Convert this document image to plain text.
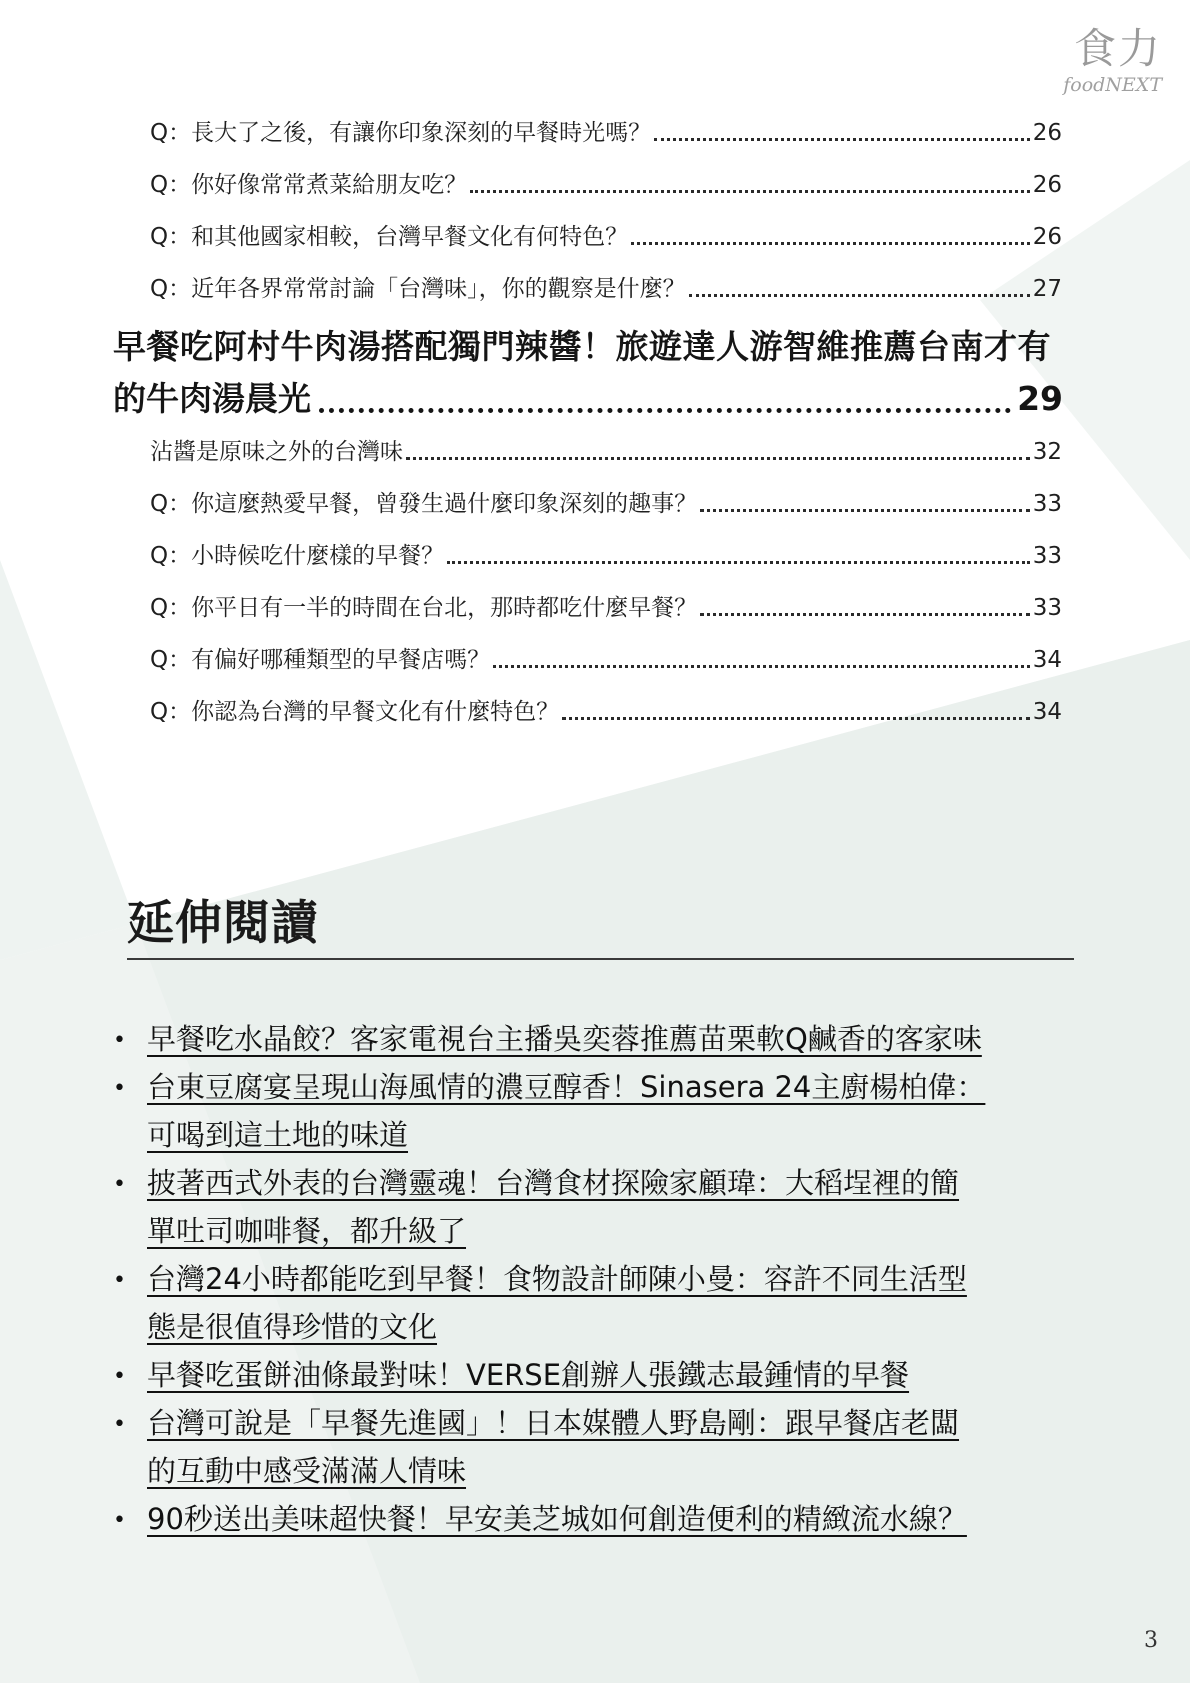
食力
foodNEXT
Q：長大了之後，有讓你印象深刻的早餐時光嗎？	26
Q：你好像常常煮菜給朋友吃？	26
Q：和其他國家相較，台灣早餐文化有何特色？	26
Q：近年各界常常討論「台灣味」，你的觀察是什麼？	27
早餐吃阿村牛肉湯搭配獨門辣醬！旅遊達人游智維推薦台南才有
的牛肉湯晨光	29
沾醬是原味之外的台灣味	32
Q：你這麼熱愛早餐，曾發生過什麼印象深刻的趣事？	33
Q：小時候吃什麼樣的早餐？	33
Q：你平日有一半的時間在台北，那時都吃什麼早餐？	33
Q：有偏好哪種類型的早餐店嗎？	34
Q：你認為台灣的早餐文化有什麼特色？	34
延伸閱讀
• 早餐吃水晶餃？客家電視台主播吳奕蓉推薦苗栗軟Q鹹香的客家味
• 台東豆腐宴呈現山海風情的濃豆醇香！Sinasera 24主廚楊柏偉：
可喝到這土地的味道
• 披著西式外表的台灣靈魂！台灣食材探險家顧瑋：大稻埕裡的簡
單吐司咖啡餐，都升級了
• 台灣24小時都能吃到早餐！食物設計師陳小曼：容許不同生活型
態是很值得珍惜的文化
• 早餐吃蛋餅油條最對味！VERSE創辦人張鐵志最鍾情的早餐
• 台灣可說是「早餐先進國」！日本媒體人野島剛：跟早餐店老闆
的互動中感受滿滿人情味
• 90秒送出美味超快餐！早安美芝城如何創造便利的精緻流水線？
3
